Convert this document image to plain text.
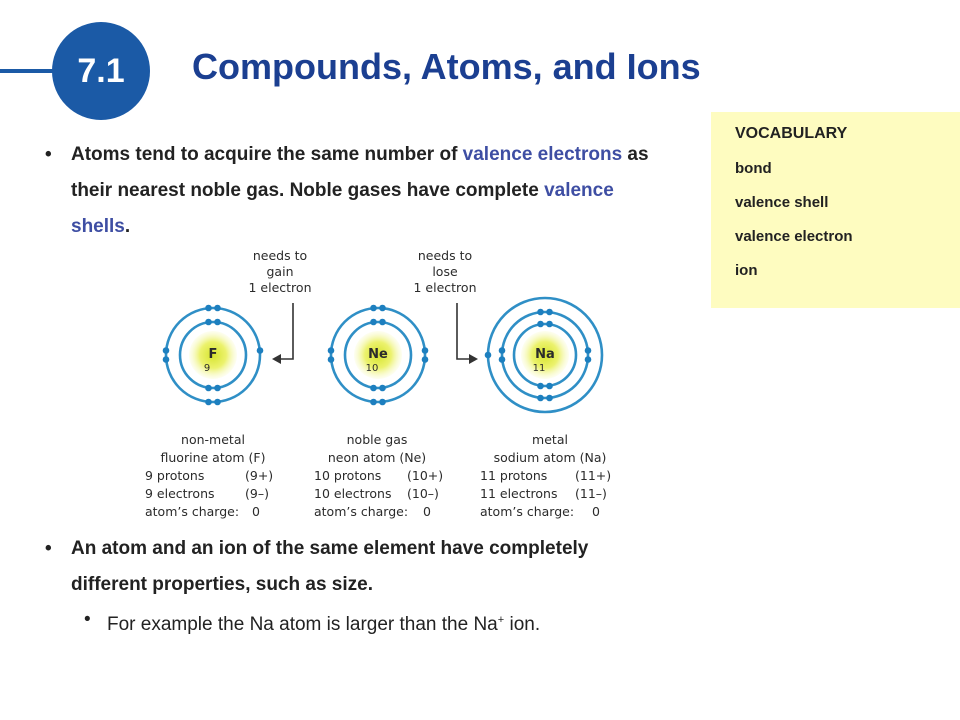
7.1 Compounds, Atoms, and Ions
VOCABULARY
bond
valence shell
valence electron
ion
• Atoms tend to acquire the same number of valence electrons as their nearest noble gas. Noble gases have complete valence shells.
needs to
gain
1 electron
needs to
lose
1 electron
F
9
Ne
10
Na
11
non-metal
fluorine atom (F)
9 protons	(9+)
9 electrons (9–)
atom’s charge: 0
noble gas
neon atom (Ne)
10 protons (10+)
10 electrons (10–)
atom’s charge: 0
metal
sodium atom (Na)
11 protons (11+)
11 electrons (11–)
atom’s charge: 0
• An atom and an ion of the same element have completely different properties, such as size.
• For example the Na atom is larger than the Na+ ion.
